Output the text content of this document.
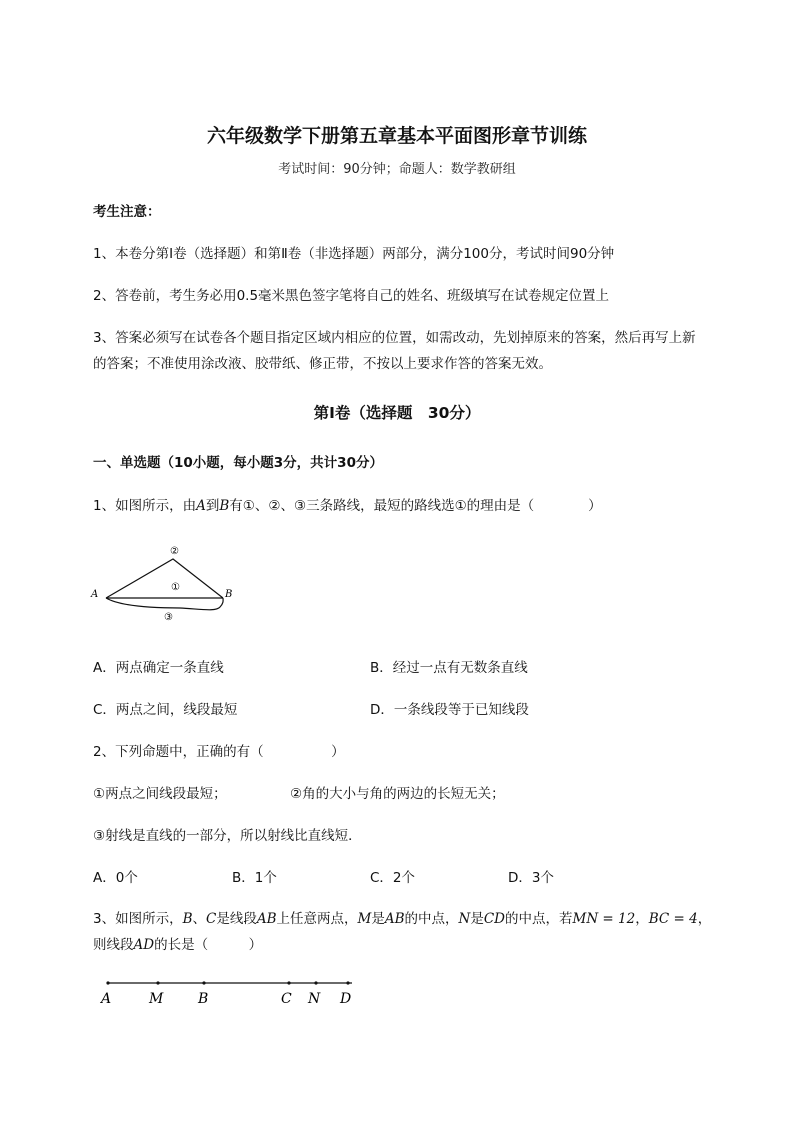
六年级数学下册第五章基本平面图形章节训练
考试时间：90分钟；命题人：数学教研组
考生注意：
1、本卷分第I卷（选择题）和第Ⅱ卷（非选择题）两部分，满分100分，考试时间90分钟
2、答卷前，考生务必用0.5毫米黑色签字笔将自己的姓名、班级填写在试卷规定位置上
3、答案必须写在试卷各个题目指定区域内相应的位置，如需改动，先划掉原来的答案，然后再写上新
的答案；不准使用涂改液、胶带纸、修正带，不按以上要求作答的答案无效。
第I卷（选择题　30分）
一、单选题（10小题，每小题3分，共计30分）
1、如图所示，由A到B有①、②、③三条路线，最短的路线选①的理由是（　　　　）
A	B
①
②
③
A．两点确定一条直线	B．经过一点有无数条直线
C．两点之间，线段最短	D．一条线段等于已知线段
2、下列命题中，正确的有（　　　　　）
①两点之间线段最短；	②角的大小与角的两边的长短无关；
③射线是直线的一部分，所以射线比直线短．
A．0个	B．1个	C．2个	D．3个
3、如图所示，B、C是线段AB上任意两点，M是AB的中点，N是CD的中点，若MN = 12，BC = 4，
则线段AD的长是（　　　）
A	M B	C N D
